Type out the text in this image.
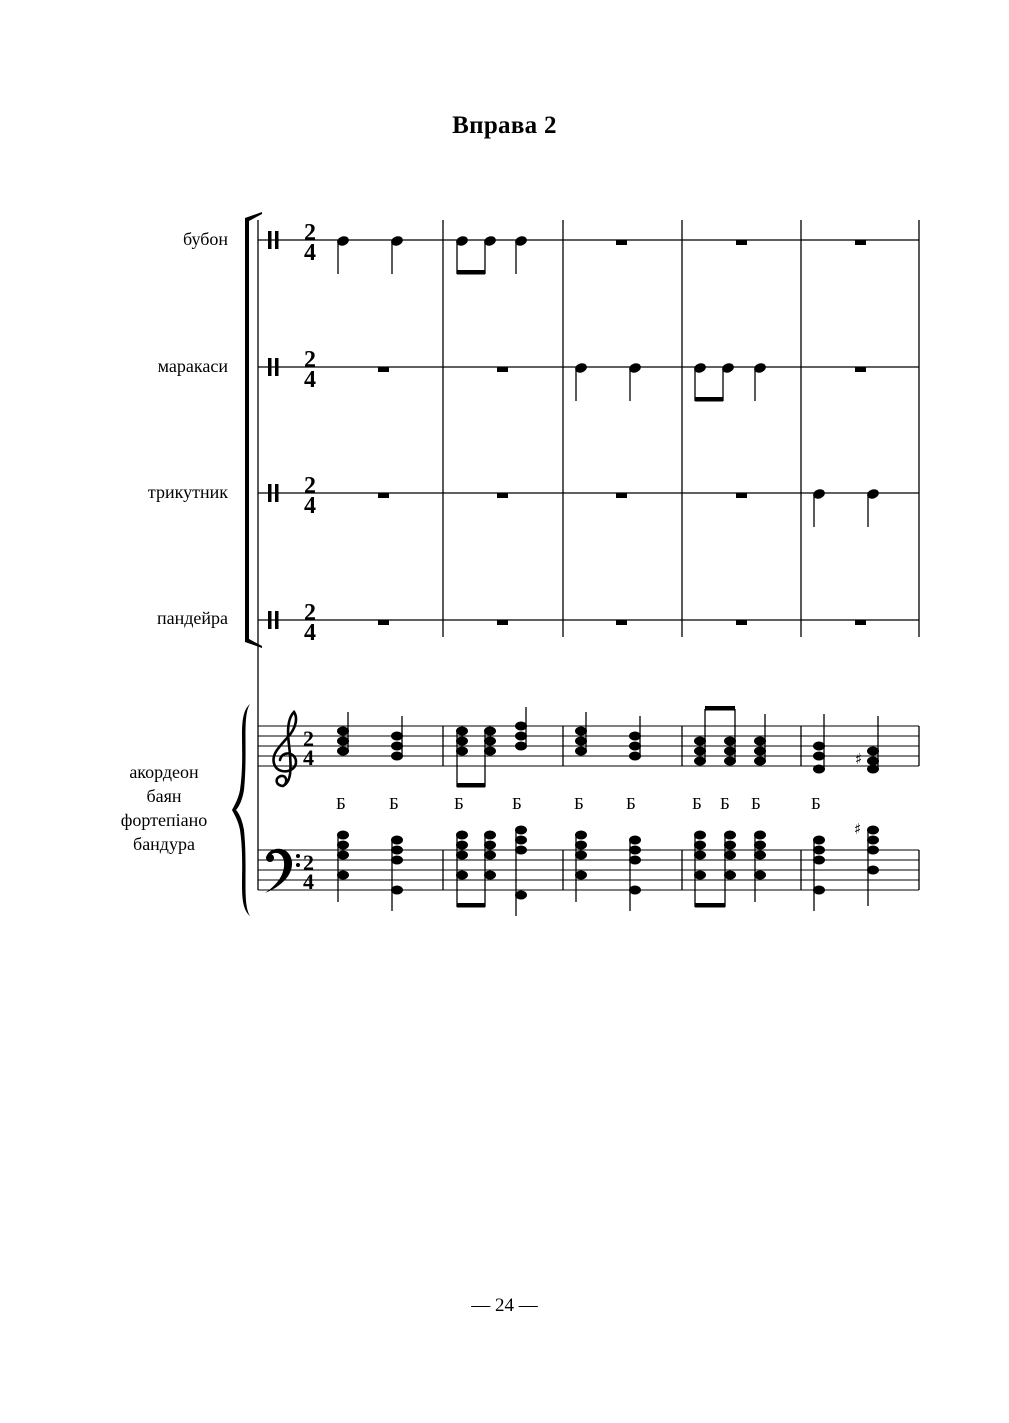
Вправа 2
бубон
маракаси
трикутник
пандейра
акордеон
баян
фортепіано
бандура
2
4
2
4
2
4
2
4
2
4
2
4
♯
Б	Б	Б	Б	Б Б	Б Б Б	Б
♯
— 24 —
